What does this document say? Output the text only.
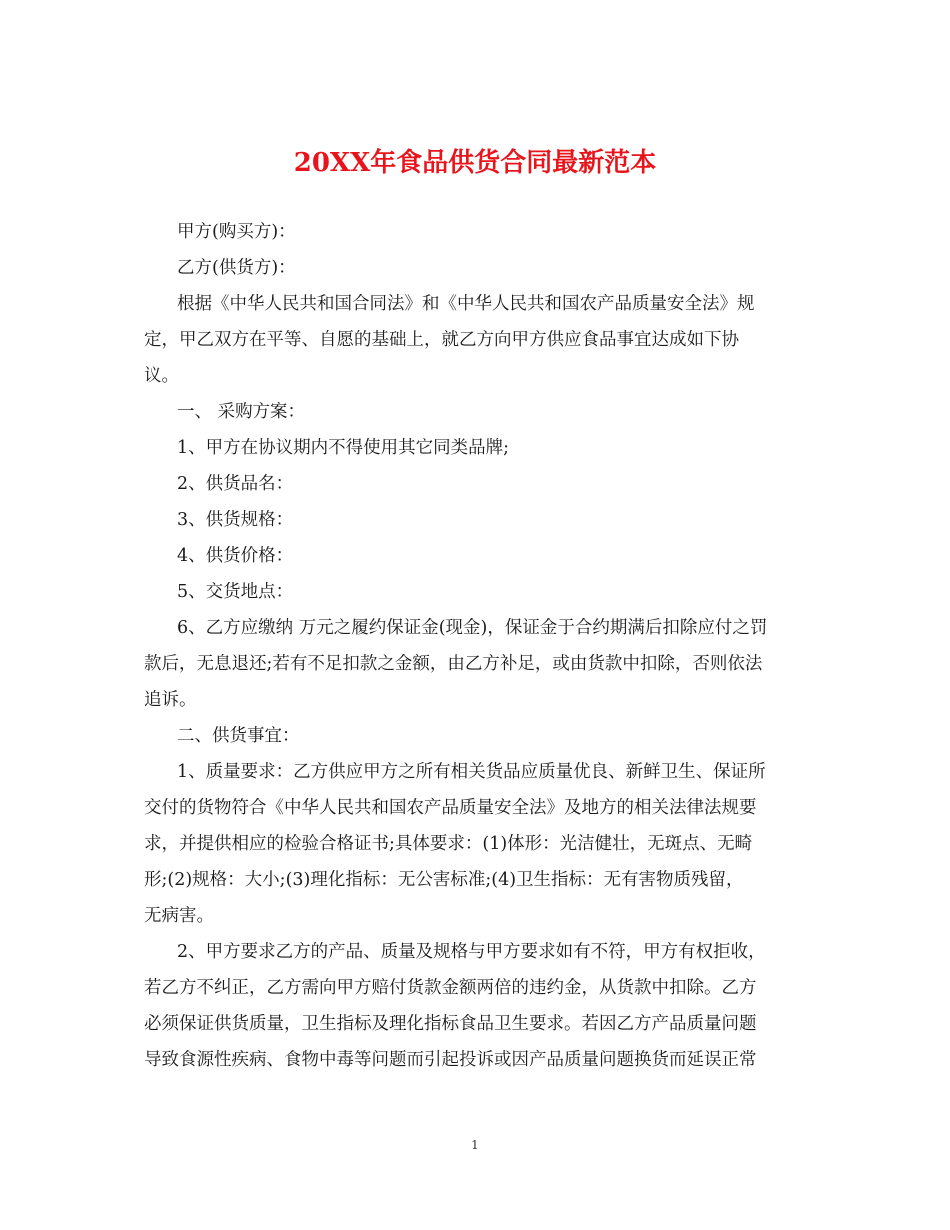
20XX年食品供货合同最新范本

甲方(购买方)：

乙方(供货方)：

根据《中华人民共和国合同法》和《中华人民共和国农产品质量安全法》规

定，甲乙双方在平等、自愿的基础上，就乙方向甲方供应食品事宜达成如下协

议。

一、 采购方案：

1、甲方在协议期内不得使用其它同类品牌;

2、供货品名：

3、供货规格：

4、供货价格：

5、交货地点：

6、乙方应缴纳 万元之履约保证金(现金)，保证金于合约期满后扣除应付之罚

款后，无息退还;若有不足扣款之金额，由乙方补足，或由货款中扣除，否则依法

追诉。

二、供货事宜：

1、质量要求：乙方供应甲方之所有相关货品应质量优良、新鲜卫生、保证所

交付的货物符合《中华人民共和国农产品质量安全法》及地方的相关法律法规要

求，并提供相应的检验合格证书;具体要求：(1)体形：光洁健壮，无斑点、无畸

形;(2)规格：大小;(3)理化指标：无公害标准;(4)卫生指标：无有害物质残留，

无病害。

2、甲方要求乙方的产品、质量及规格与甲方要求如有不符，甲方有权拒收，

若乙方不纠正，乙方需向甲方赔付货款金额两倍的违约金，从货款中扣除。乙方

必须保证供货质量，卫生指标及理化指标食品卫生要求。若因乙方产品质量问题

导致食源性疾病、食物中毒等问题而引起投诉或因产品质量问题换货而延误正常

1
